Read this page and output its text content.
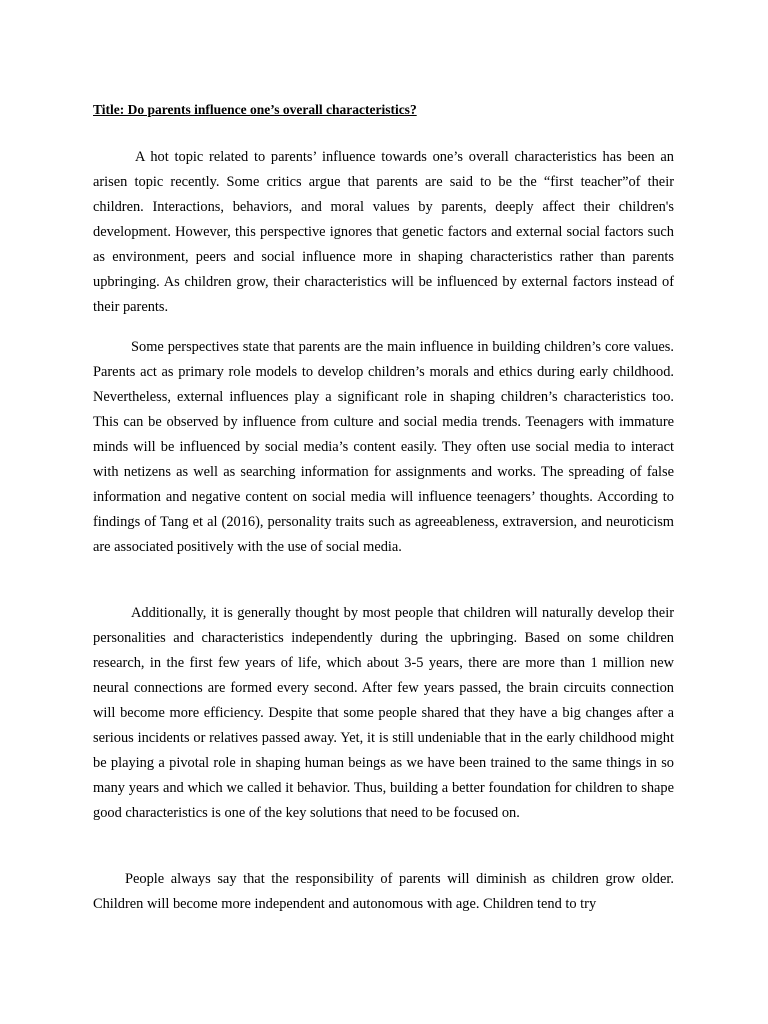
Title: Do parents influence one’s overall characteristics?

A hot topic related to parents’ influence towards one’s overall characteristics has been an arisen topic recently. Some critics argue that parents are said to be the “first teacher”of their children. Interactions, behaviors, and moral values by parents, deeply affect their children's development. However, this perspective ignores that genetic factors and external social factors such as environment, peers and social influence more in shaping characteristics rather than parents upbringing. As children grow, their characteristics will be influenced by external factors instead of their parents.

Some perspectives state that parents are the main influence in building children’s core values. Parents act as primary role models to develop children’s morals and ethics during early childhood. Nevertheless, external influences play a significant role in shaping children’s characteristics too. This can be observed by influence from culture and social media trends. Teenagers with immature minds will be influenced by social media’s content easily. They often use social media to interact with netizens as well as searching information for assignments and works. The spreading of false information and negative content on social media will influence teenagers’ thoughts. According to findings of Tang et al (2016), personality traits such as agreeableness, extraversion, and neuroticism are associated positively with the use of social media.

Additionally, it is generally thought by most people that children will naturally develop their personalities and characteristics independently during the upbringing. Based on some children research, in the first few years of life, which about 3-5 years, there are more than 1 million new neural connections are formed every second. After few years passed, the brain circuits connection will become more efficiency. Despite that some people shared that they have a big changes after a serious incidents or relatives passed away. Yet, it is still undeniable that in the early childhood might be playing a pivotal role in shaping human beings as we have been trained to the same things in so many years and which we called it behavior. Thus, building a better foundation for children to shape good characteristics is one of the key solutions that need to be focused on.

People always say that the responsibility of parents will diminish as children grow older. Children will become more independent and autonomous with age. Children tend to try
